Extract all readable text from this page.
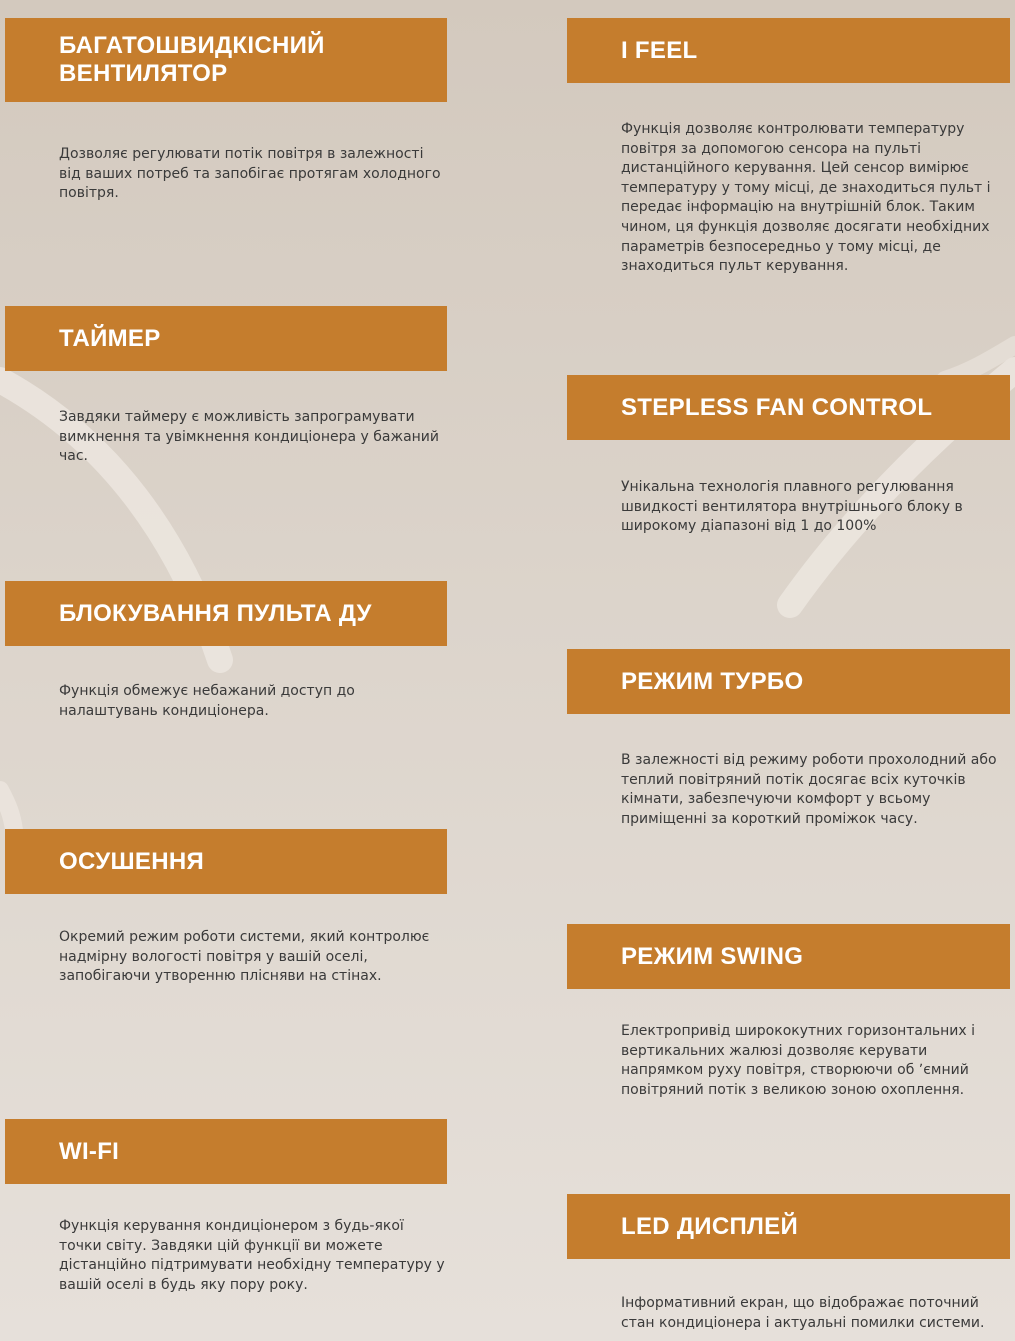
БАГАТОШВИДКІСНИЙ
ВЕНТИЛЯТОР

Дозволяє регулювати потік повітря в залежності від ваших потреб та запобігає протягам холодного повітря.

ТАЙМЕР

Завдяки таймеру є можливість запрограмувати вимкнення та увімкнення кондиціонера у бажаний час.

БЛОКУВАННЯ ПУЛЬТА ДУ

Функція обмежує небажаний доступ до налаштувань кондиціонера.

ОСУШЕННЯ

Окремий режим роботи системи, який контролює надмірну вологості повітря у вашій оселі, запобігаючи утворенню плісняви на стінах.

WI-FI

Функція керування кондиціонером з будь-якої точки світу. Завдяки цій функції ви можете дістанційно підтримувати необхідну температуру у вашій оселі в будь яку пору року.

I FEEL

Функція дозволяє контролювати температуру повітря за допомогою сенсора на пульті дистанційного керування. Цей сенсор вимірює температуру у тому місці, де знаходиться пульт і передає інформацію на внутрішній блок. Таким чином, ця функція дозволяє досягати необхідних параметрів безпосередньо у тому місці, де знаходиться пульт керування.

STEPLESS FAN CONTROL

Унікальна технологія плавного регулювання швидкості вентилятора внутрішнього блоку в широкому діапазоні від 1 до 100%

РЕЖИМ ТУРБО

В залежності від режиму роботи прохолодний або теплий повітряний потік досягає всіх куточків кімнати, забезпечуючи комфорт у всьому приміщенні за короткий проміжок часу.

РЕЖИМ SWING

Електропривід ширококутних горизонтальних і вертикальних жалюзі дозволяє керувати напрямком руху повітря, створюючи об ʼємний повітряний потік з великою зоною охоплення.

LED ДИСПЛЕЙ

Інформативний екран, що відображає поточний стан кондиціонера і актуальні помилки системи.
